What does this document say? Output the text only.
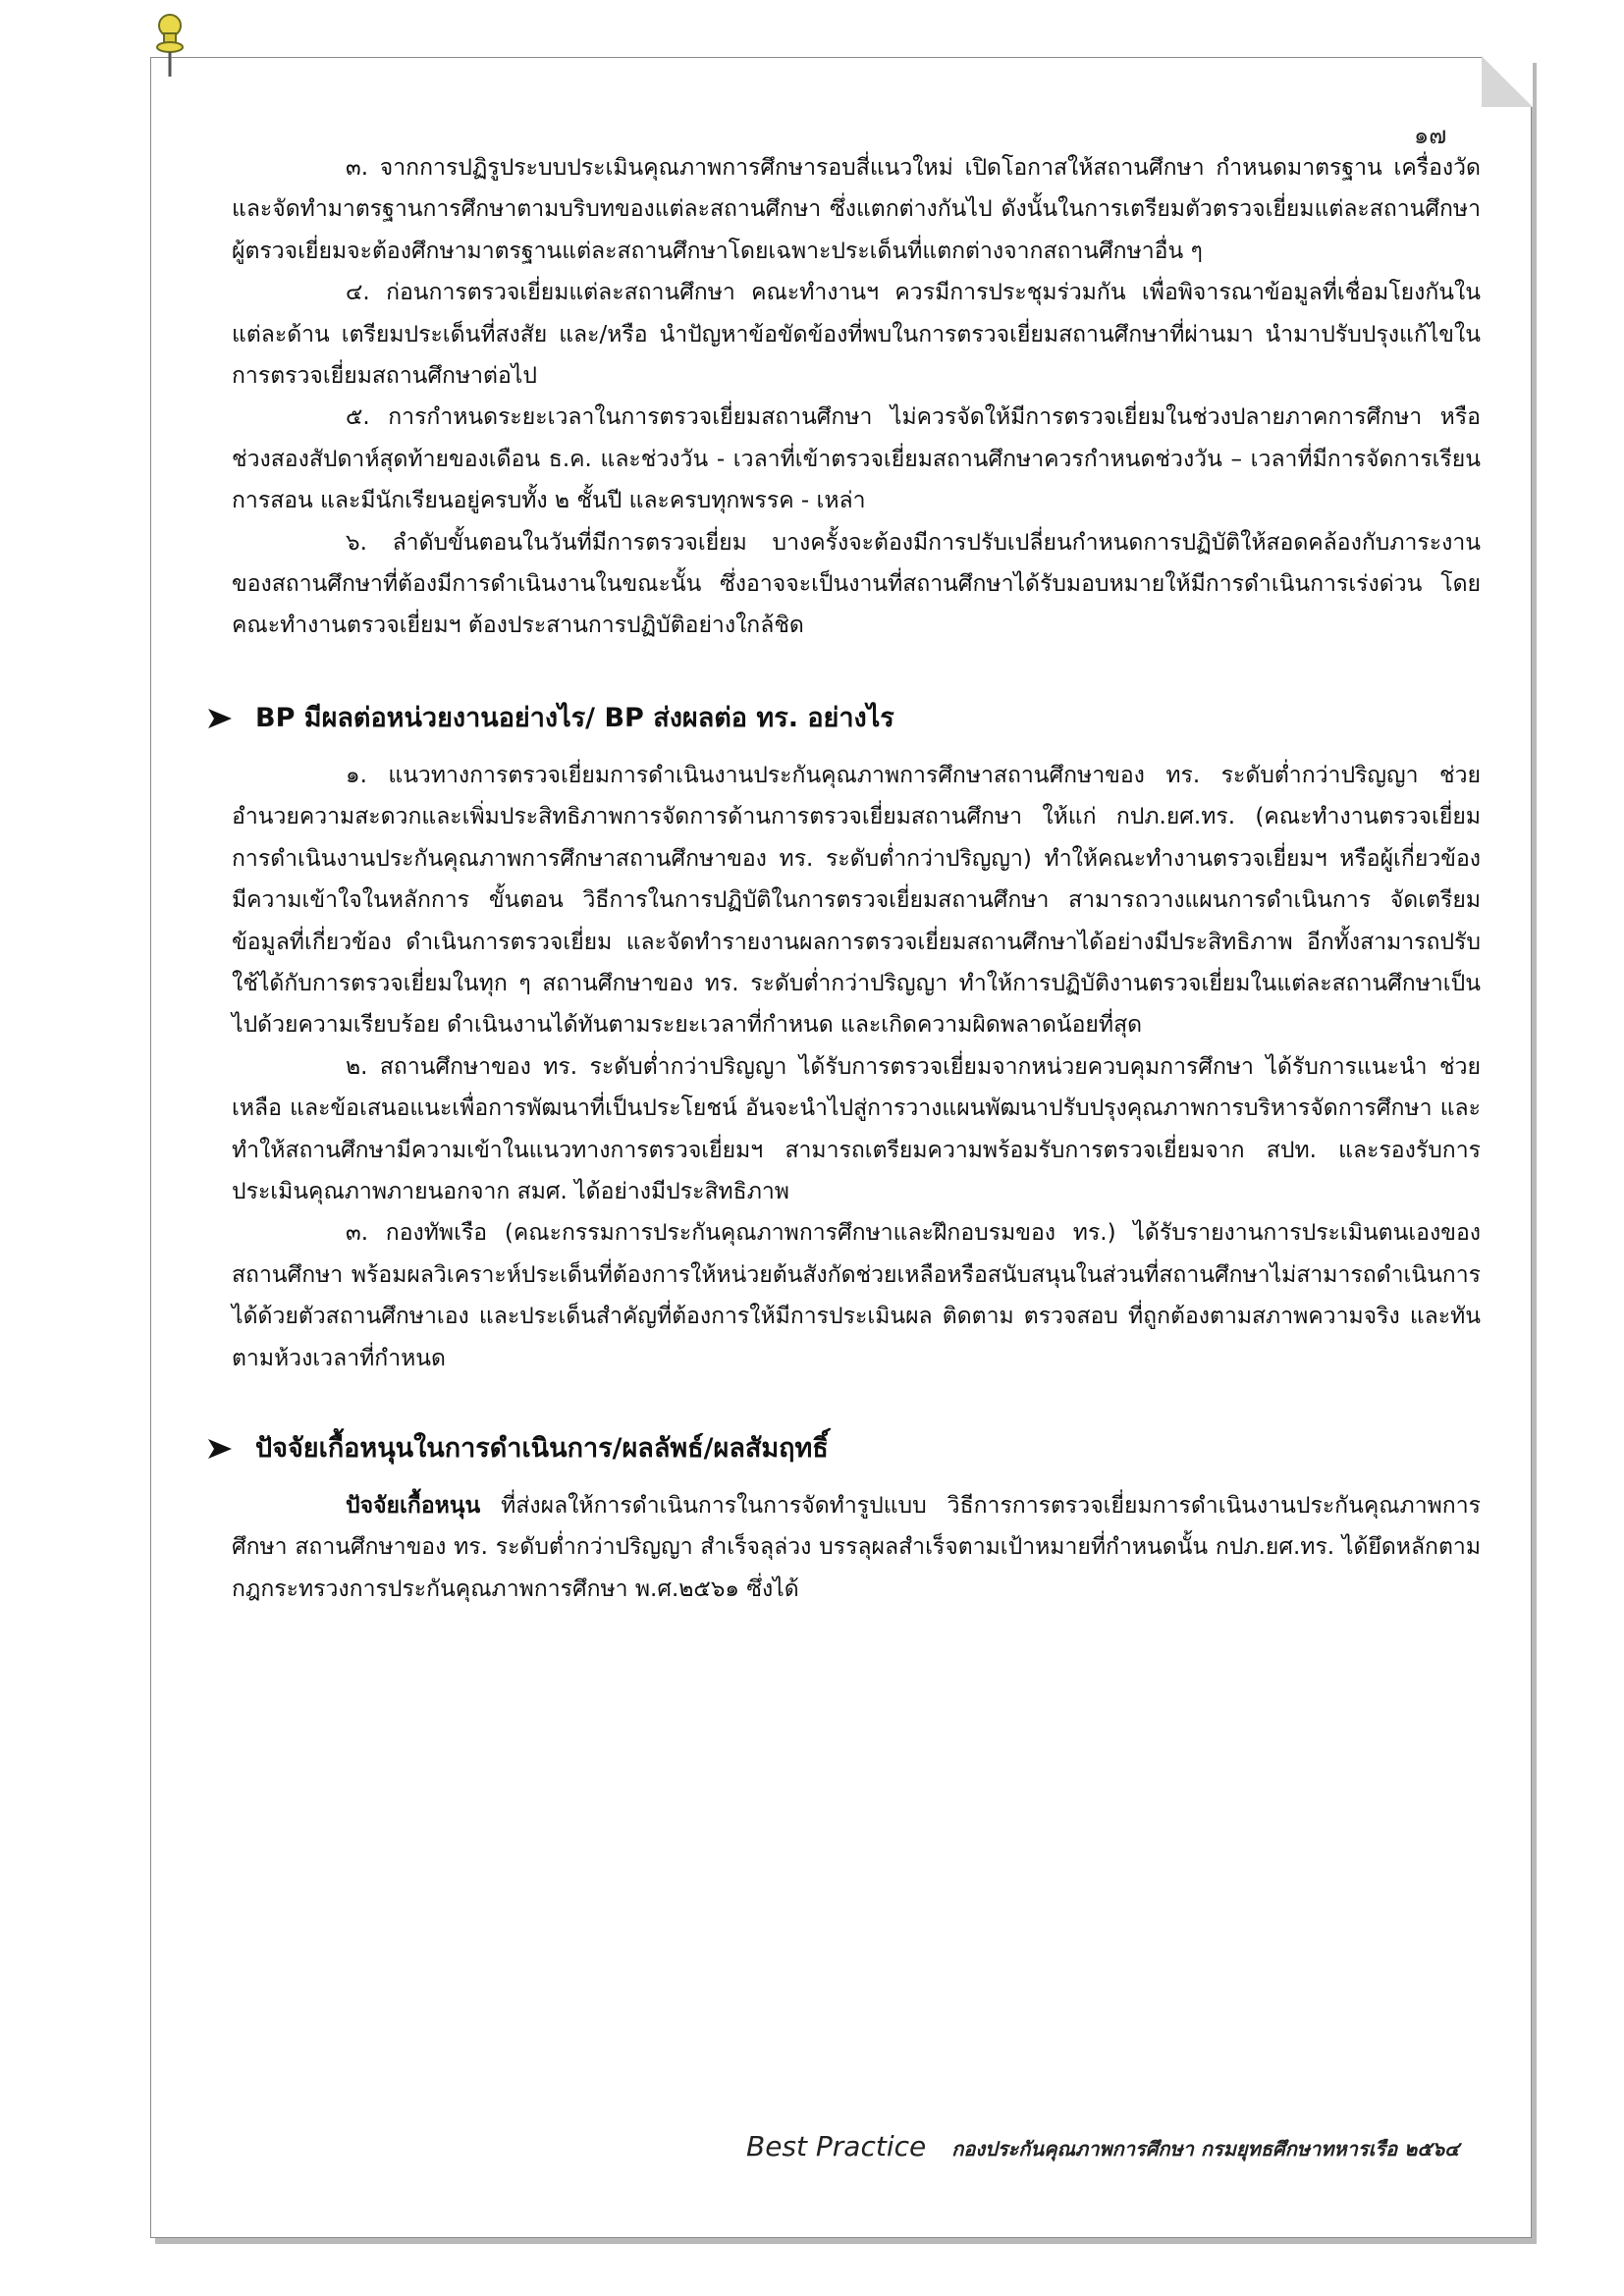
๑๗

๓. จากการปฏิรูประบบประเมินคุณภาพการศึกษารอบสี่แนวใหม่ เปิดโอกาสให้สถานศึกษา กำหนดมาตรฐาน เครื่องวัด และจัดทำมาตรฐานการศึกษาตามบริบทของแต่ละสถานศึกษา ซึ่งแตกต่างกันไป ดังนั้นในการเตรียมตัวตรวจเยี่ยมแต่ละสถานศึกษา ผู้ตรวจเยี่ยมจะต้องศึกษามาตรฐานแต่ละสถานศึกษาโดยเฉพาะประเด็นที่แตกต่างจากสถานศึกษาอื่น ๆ

๔. ก่อนการตรวจเยี่ยมแต่ละสถานศึกษา คณะทำงานฯ ควรมีการประชุมร่วมกัน เพื่อพิจารณาข้อมูลที่เชื่อมโยงกันในแต่ละด้าน เตรียมประเด็นที่สงสัย และ/หรือ นำปัญหาข้อขัดข้องที่พบในการตรวจเยี่ยมสถานศึกษาที่ผ่านมา นำมาปรับปรุงแก้ไขในการตรวจเยี่ยมสถานศึกษาต่อไป

๕. การกำหนดระยะเวลาในการตรวจเยี่ยมสถานศึกษา ไม่ควรจัดให้มีการตรวจเยี่ยมในช่วงปลายภาคการศึกษา หรือช่วงสองสัปดาห์สุดท้ายของเดือน ธ.ค. และช่วงวัน - เวลาที่เข้าตรวจเยี่ยมสถานศึกษาควรกำหนดช่วงวัน – เวลาที่มีการจัดการเรียนการสอน และมีนักเรียนอยู่ครบทั้ง ๒ ชั้นปี และครบทุกพรรค - เหล่า

๖. ลำดับขั้นตอนในวันที่มีการตรวจเยี่ยม บางครั้งจะต้องมีการปรับเปลี่ยนกำหนดการปฏิบัติให้สอดคล้องกับภาระงานของสถานศึกษาที่ต้องมีการดำเนินงานในขณะนั้น ซึ่งอาจจะเป็นงานที่สถานศึกษาได้รับมอบหมายให้มีการดำเนินการเร่งด่วน โดยคณะทำงานตรวจเยี่ยมฯ ต้องประสานการปฏิบัติอย่างใกล้ชิด

BP มีผลต่อหน่วยงานอย่างไร/ BP ส่งผลต่อ ทร. อย่างไร

๑. แนวทางการตรวจเยี่ยมการดำเนินงานประกันคุณภาพการศึกษาสถานศึกษาของ ทร. ระดับต่ำกว่าปริญญา ช่วยอำนวยความสะดวกและเพิ่มประสิทธิภาพการจัดการด้านการตรวจเยี่ยมสถานศึกษา ให้แก่ กปภ.ยศ.ทร. (คณะทำงานตรวจเยี่ยมการดำเนินงานประกันคุณภาพการศึกษาสถานศึกษาของ ทร. ระดับต่ำกว่าปริญญา) ทำให้คณะทำงานตรวจเยี่ยมฯ หรือผู้เกี่ยวข้อง มีความเข้าใจในหลักการ ขั้นตอน วิธีการในการปฏิบัติในการตรวจเยี่ยมสถานศึกษา สามารถวางแผนการดำเนินการ จัดเตรียมข้อมูลที่เกี่ยวข้อง ดำเนินการตรวจเยี่ยม และจัดทำรายงานผลการตรวจเยี่ยมสถานศึกษาได้อย่างมีประสิทธิภาพ อีกทั้งสามารถปรับใช้ได้กับการตรวจเยี่ยมในทุก ๆ สถานศึกษาของ ทร. ระดับต่ำกว่าปริญญา ทำให้การปฏิบัติงานตรวจเยี่ยมในแต่ละสถานศึกษาเป็นไปด้วยความเรียบร้อย ดำเนินงานได้ทันตามระยะเวลาที่กำหนด และเกิดความผิดพลาดน้อยที่สุด

๒. สถานศึกษาของ ทร. ระดับต่ำกว่าปริญญา ได้รับการตรวจเยี่ยมจากหน่วยควบคุมการศึกษา ได้รับการแนะนำ ช่วยเหลือ และข้อเสนอแนะเพื่อการพัฒนาที่เป็นประโยชน์ อันจะนำไปสู่การวางแผนพัฒนาปรับปรุงคุณภาพการบริหารจัดการศึกษา และทำให้สถานศึกษามีความเข้าในแนวทางการตรวจเยี่ยมฯ สามารถเตรียมความพร้อมรับการตรวจเยี่ยมจาก สปท. และรองรับการประเมินคุณภาพภายนอกจาก สมศ. ได้อย่างมีประสิทธิภาพ

๓. กองทัพเรือ (คณะกรรมการประกันคุณภาพการศึกษาและฝึกอบรมของ ทร.) ได้รับรายงานการประเมินตนเองของสถานศึกษา พร้อมผลวิเคราะห์ประเด็นที่ต้องการให้หน่วยต้นสังกัดช่วยเหลือหรือสนับสนุนในส่วนที่สถานศึกษาไม่สามารถดำเนินการได้ด้วยตัวสถานศึกษาเอง และประเด็นสำคัญที่ต้องการให้มีการประเมินผล ติดตาม ตรวจสอบ ที่ถูกต้องตามสภาพความจริง และทันตามห้วงเวลาที่กำหนด

ปัจจัยเกื้อหนุนในการดำเนินการ/ผลลัพธ์/ผลสัมฤทธิ์

ปัจจัยเกื้อหนุน ที่ส่งผลให้การดำเนินการในการจัดทำรูปแบบ วิธีการการตรวจเยี่ยมการดำเนินงานประกันคุณภาพการศึกษา สถานศึกษาของ ทร. ระดับต่ำกว่าปริญญา สำเร็จลุล่วง บรรลุผลสำเร็จตามเป้าหมายที่กำหนดนั้น กปภ.ยศ.ทร. ได้ยึดหลักตามกฎกระทรวงการประกันคุณภาพการศึกษา พ.ศ.๒๕๖๑ ซึ่งได้

Best Practice กองประกันคุณภาพการศึกษา กรมยุทธศึกษาทหารเรือ ๒๕๖๔
